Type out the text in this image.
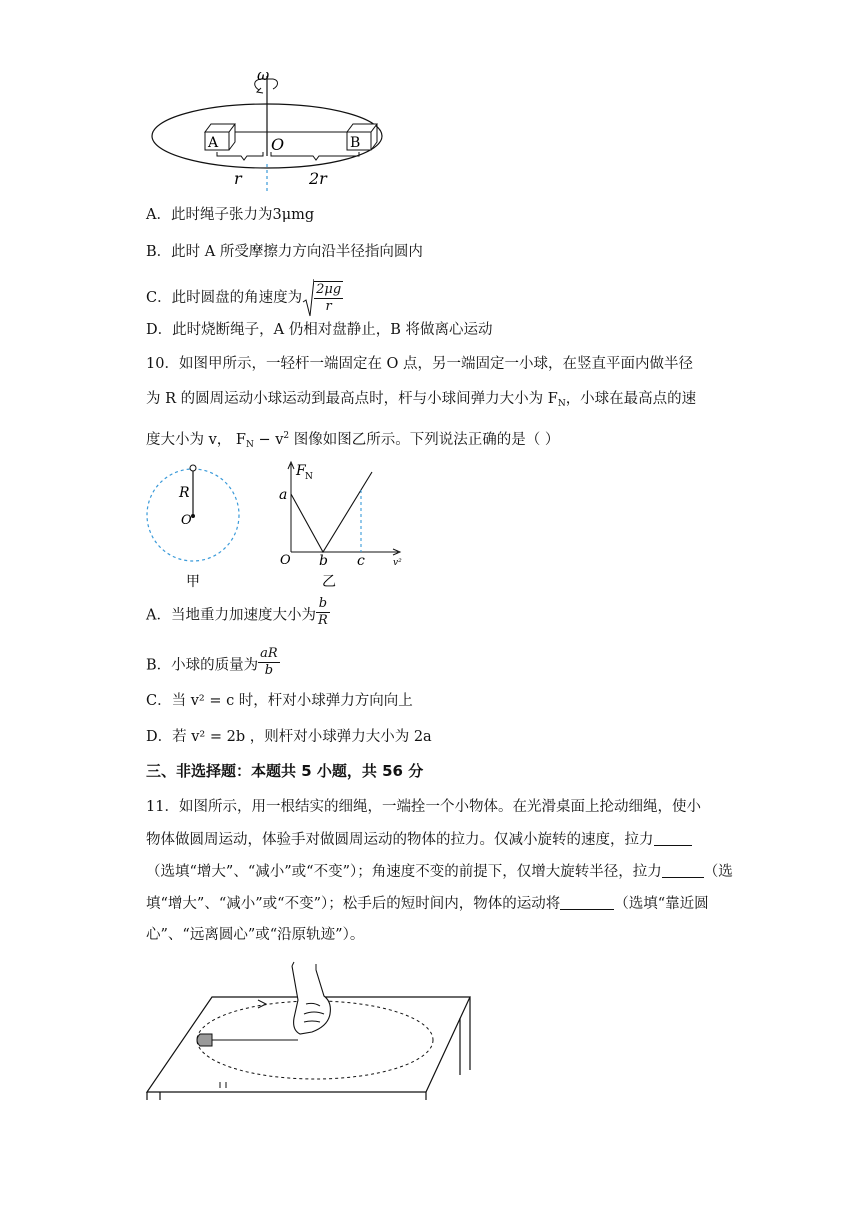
ω
A	B
O
r	2r
A．此时绳子张力为3μmg
B．此时 A 所受摩擦力方向沿半径指向圆内
C．此时圆盘的角速度为 $\frac{2\mu g}{r}$
D．此时烧断绳子，A 仍相对盘静止，B 将做离心运动
10．如图甲所示，一轻杆一端固定在 O 点，另一端固定一小球，在竖直平面内做半径
为 R 的圆周运动小球运动到最高点时，杆与小球间弹力大小为 $F_N$，小球在最高点的速
度大小为 v， $F_N - v^2$ 图像如图乙所示。下列说法正确的是（ ）
R
O
甲
F N
a
O b c	v²
乙
A．当地重力加速度大小为 $\frac{b}{R}$
B．小球的质量为 $\frac{aR}{b}$
C．当 v² = c 时，杆对小球弹力方向向上
D．若 v² = 2b ，则杆对小球弹力大小为 2a
三、非选择题：本题共 5 小题，共 56 分
11．如图所示，用一根结实的细绳，一端拴一个小物体。在光滑桌面上抡动细绳，使小
物体做圆周运动，体验手对做圆周运动的物体的拉力。仅减小旋转的速度，拉力
（选填“增大”、“减小”或“不变”）；角速度不变的前提下，仅增大旋转半径，拉力	（选
填“增大”、“减小”或“不变”）；松手后的短时间内，物体的运动将	（选填“靠近圆
心”、“远离圆心”或“沿原轨迹”）。
